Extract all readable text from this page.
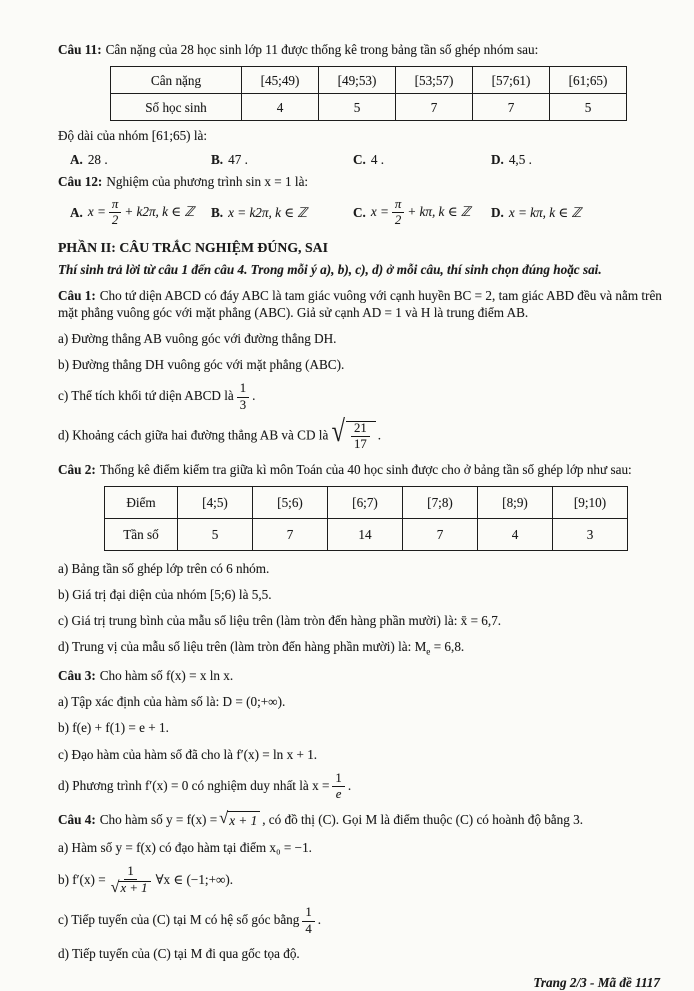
Câu 11: Cân nặng của 28 học sinh lớp 11 được thống kê trong bảng tần số ghép nhóm sau:
Cân nặng	[45;49)	[49;53)	[53;57)	[57;61)	[61;65)
Số học sinh	4	5	7	7	5
Độ dài của nhóm [61;65) là:
A. 28 .	B. 47 .	C. 4 .	D. 4,5 .
Câu 12: Nghiệm của phương trình sin x = 1 là:
A. $x = \frac{\pi}{2} + k2\pi$, k ∈ ℤ B. x = k2π, k ∈ ℤ	C. $x = \frac{\pi}{2} + k\pi$, k ∈ ℤ D. x = kπ, k ∈ ℤ
PHẦN II: CÂU TRẮC NGHIỆM ĐÚNG, SAI
Thí sinh trả lời từ câu 1 đến câu 4. Trong mỗi ý a), b), c), d) ở mỗi câu, thí sinh chọn đúng hoặc sai.
Câu 1: Cho tứ diện ABCD có đáy ABC là tam giác vuông với cạnh huyền BC = 2, tam giác ABD đều và nằm trên mặt phẳng vuông góc với mặt phẳng (ABC). Giả sử cạnh AD = 1 và H là trung điểm AB.
a) Đường thẳng AB vuông góc với đường thẳng DH.
b) Đường thẳng DH vuông góc với mặt phẳng (ABC).
c) Thể tích khối tứ diện ABCD là $\frac{1}{3}$ .
d) Khoảng cách giữa hai đường thẳng AB và CD là √ $\frac{21}{17}$ .
Câu 2: Thống kê điểm kiểm tra giữa kì môn Toán của 40 học sinh được cho ở bảng tần số ghép lớp như sau:
Điểm	[4;5)	[5;6)	[6;7)	[7;8)	[8;9)	[9;10)
Tần số	5	7	14	7	4	3
a) Bảng tần số ghép lớp trên có 6 nhóm.
b) Giá trị đại diện của nhóm [5;6) là 5,5.
c) Giá trị trung bình của mẫu số liệu trên (làm tròn đến hàng phần mười) là: x̄ = 6,7.
d) Trung vị của mẫu số liệu trên (làm tròn đến hàng phần mười) là: $M_e = 6,8$.
Câu 3: Cho hàm số f(x) = x ln x.
a) Tập xác định của hàm số là: D = (0;+∞).
b) f(e) + f(1) = e + 1.
c) Đạo hàm của hàm số đã cho là f′(x) = ln x + 1.
d) Phương trình f′(x) = 0 có nghiệm duy nhất là $x = \frac{1}{e}$ .
Câu 4: Cho hàm số y = f(x) = √ x + 1 , có đồ thị (C). Gọi M là điểm thuộc (C) có hoành độ bằng 3.
a) Hàm số y = f(x) có đạo hàm tại điểm x₀ = −1.
b) $f'(x) = \frac{1}{√ x + 1}$ ∀x ∈ (−1;+∞).
c) Tiếp tuyến của (C) tại M có hệ số góc bằng $\frac{1}{4}$ .
d) Tiếp tuyến của (C) tại M đi qua gốc tọa độ.
Trang 2/3 - Mã đề 1117
